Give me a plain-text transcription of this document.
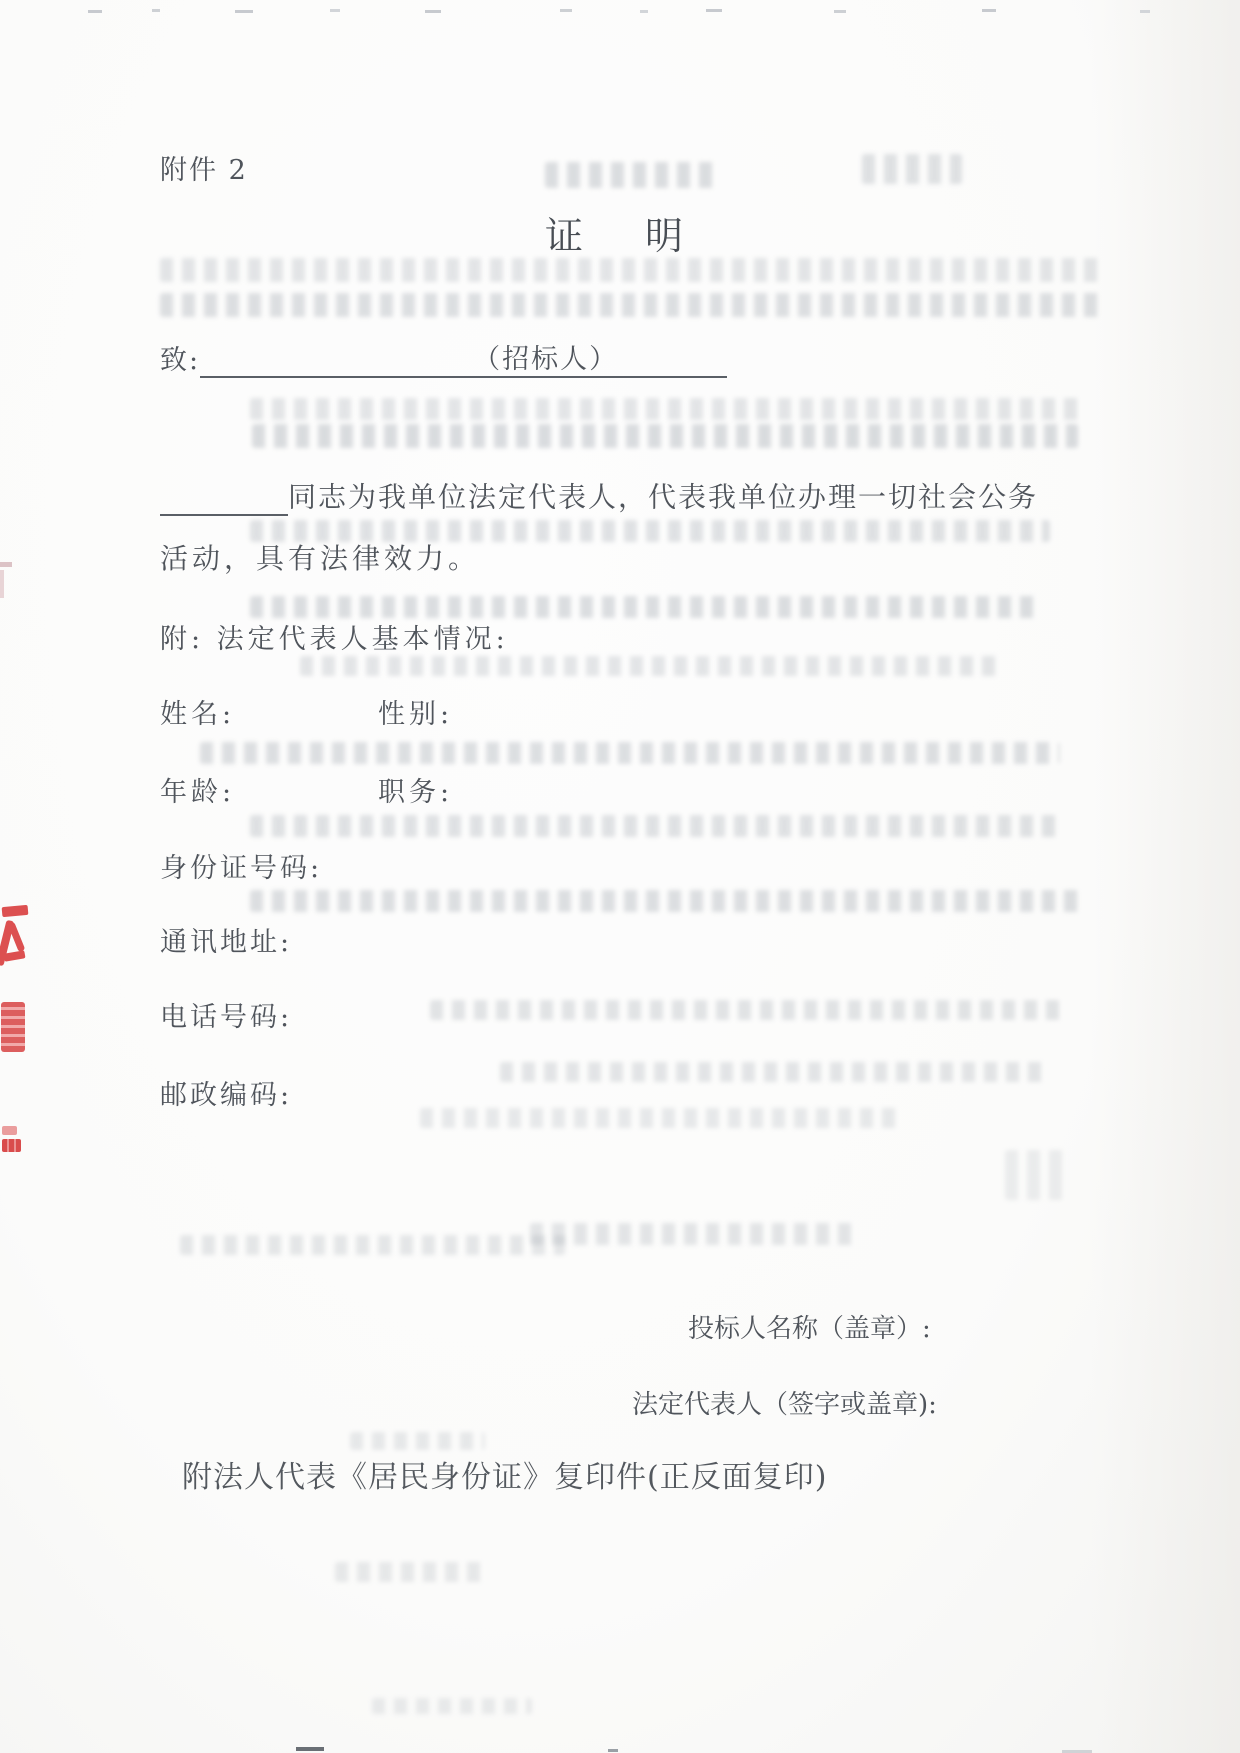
附件 2
证　明
致:	（招标人）
同志为我单位法定代表人，代表我单位办理一切社会公务
活动，具有法律效力。
附: 法定代表人基本情况:
姓名:	性别:
年龄:	职务:
身份证号码:
通讯地址:
电话号码:
邮政编码:
投标人名称（盖章）:
法定代表人（签字或盖章):
附法人代表《居民身份证》复印件(正反面复印)
